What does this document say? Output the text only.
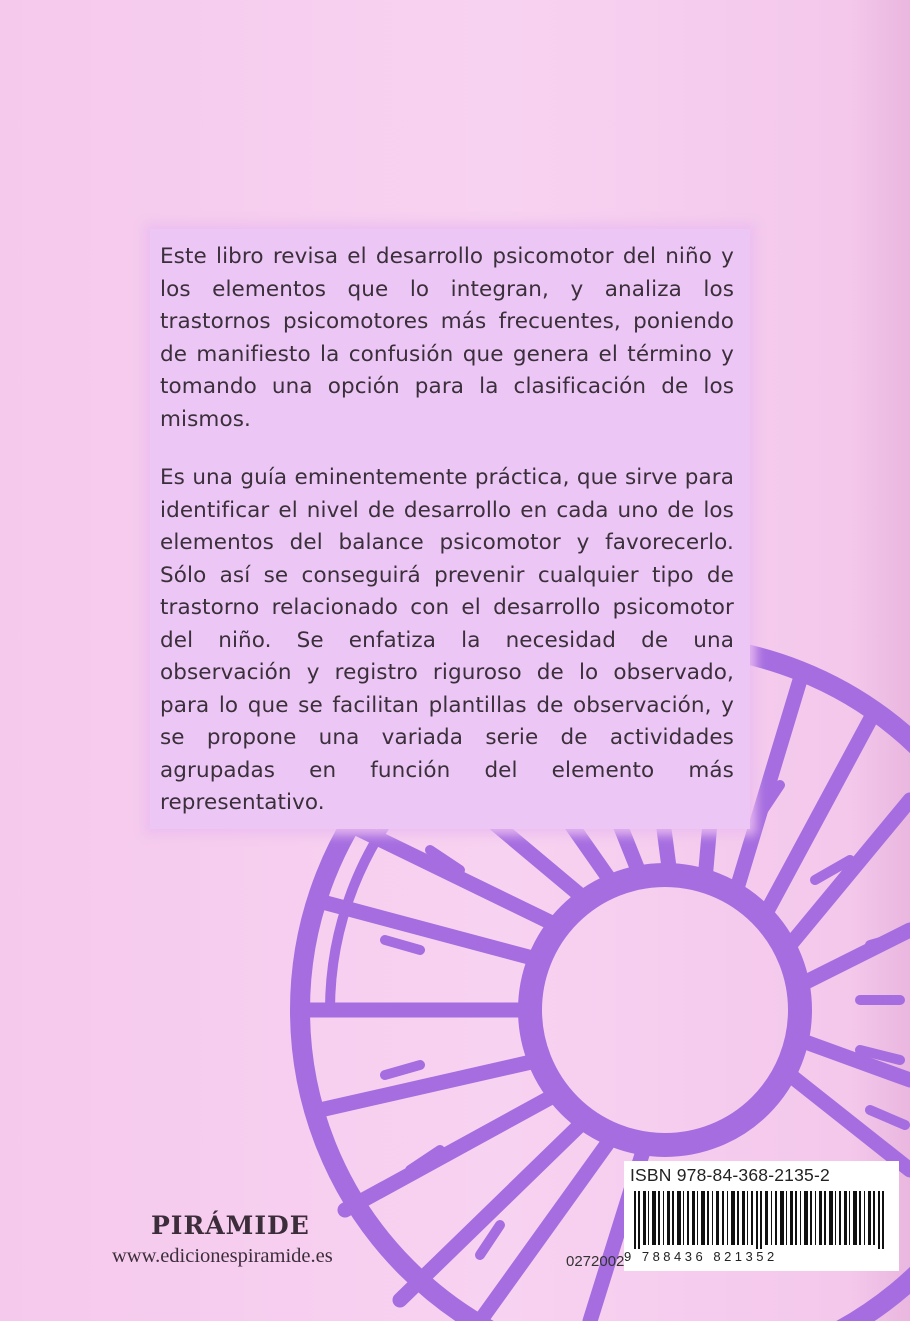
Este libro revisa el desarrollo psicomotor del niño y los elementos que lo integran, y analiza los trastornos psicomotores más frecuentes, poniendo de manifiesto la confusión que genera el término y tomando una opción para la clasificación de los mismos.

Es una guía eminentemente práctica, que sirve para identificar el nivel de desarrollo en cada uno de los elementos del balance psicomotor y favorecerlo. Sólo así se conseguirá prevenir cualquier tipo de trastorno relacionado con el desarrollo psicomotor del niño. Se enfatiza la necesidad de una observación y registro riguroso de lo observado, para lo que se facilitan plantillas de observación, y se propone una variada serie de actividades agrupadas en función del elemento más representativo.

PIRÁMIDE
www.edicionespiramide.es	0272002
ISBN 978-84-368-2135-2
9 788436 821352
